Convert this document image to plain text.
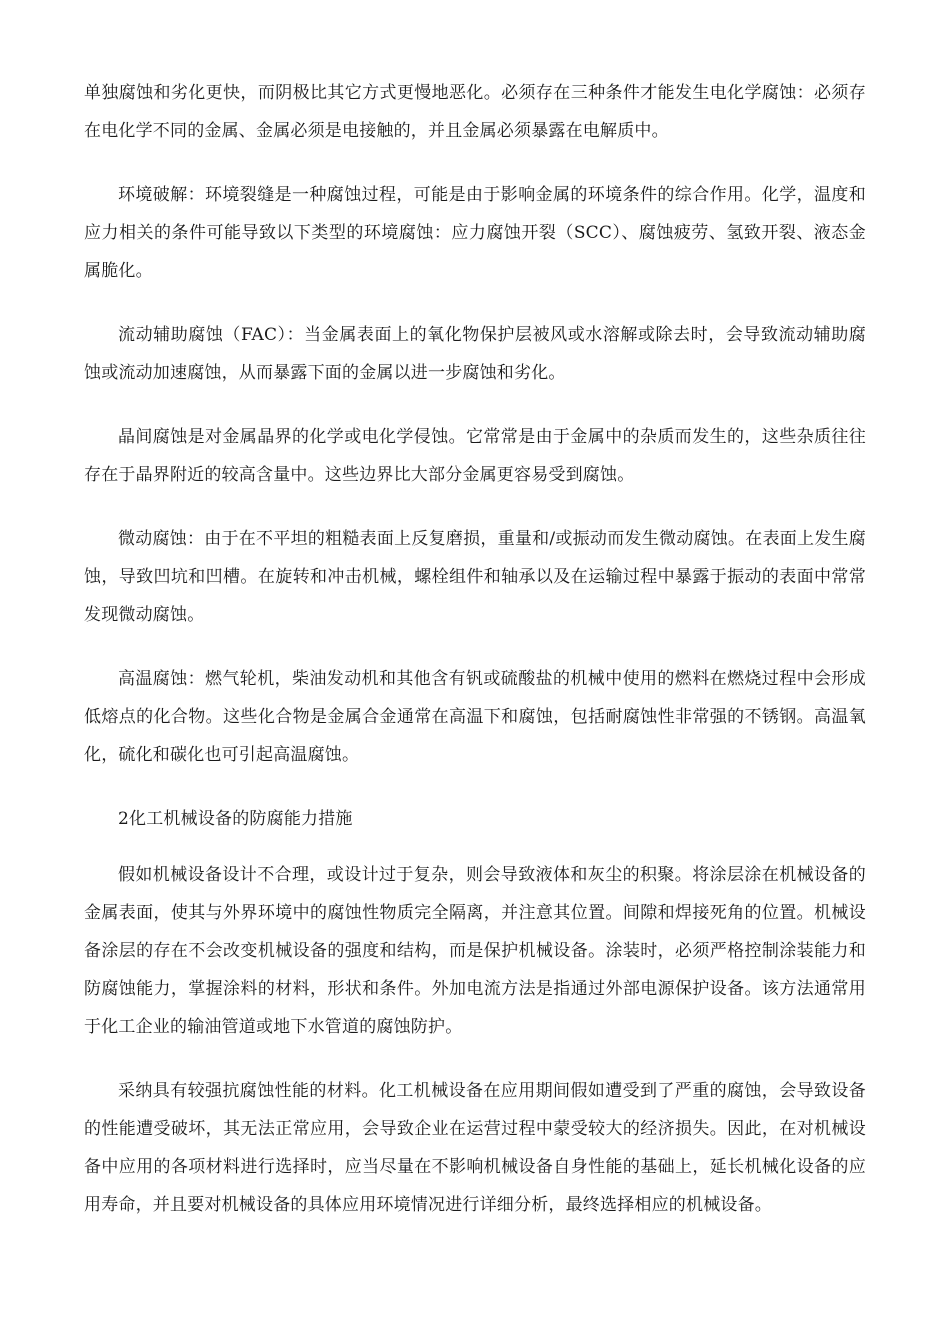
单独腐蚀和劣化更快，而阴极比其它方式更慢地恶化。必须存在三种条件才能发生电化学腐蚀：必须存在电化学不同的金属、金属必须是电接触的，并且金属必须暴露在电解质中。

环境破解：环境裂缝是一种腐蚀过程，可能是由于影响金属的环境条件的综合作用。化学，温度和应力相关的条件可能导致以下类型的环境腐蚀：应力腐蚀开裂（SCC）、腐蚀疲劳、氢致开裂、液态金属脆化。

流动辅助腐蚀（FAC）：当金属表面上的氧化物保护层被风或水溶解或除去时，会导致流动辅助腐蚀或流动加速腐蚀，从而暴露下面的金属以进一步腐蚀和劣化。

晶间腐蚀是对金属晶界的化学或电化学侵蚀。它常常是由于金属中的杂质而发生的，这些杂质往往存在于晶界附近的较高含量中。这些边界比大部分金属更容易受到腐蚀。

微动腐蚀：由于在不平坦的粗糙表面上反复磨损，重量和/或振动而发生微动腐蚀。在表面上发生腐蚀，导致凹坑和凹槽。在旋转和冲击机械，螺栓组件和轴承以及在运输过程中暴露于振动的表面中常常发现微动腐蚀。

高温腐蚀：燃气轮机，柴油发动机和其他含有钒或硫酸盐的机械中使用的燃料在燃烧过程中会形成低熔点的化合物。这些化合物是金属合金通常在高温下和腐蚀，包括耐腐蚀性非常强的不锈钢。高温氧化，硫化和碳化也可引起高温腐蚀。

2化工机械设备的防腐能力措施

假如机械设备设计不合理，或设计过于复杂，则会导致液体和灰尘的积聚。将涂层涂在机械设备的金属表面，使其与外界环境中的腐蚀性物质完全隔离，并注意其位置。间隙和焊接死角的位置。机械设备涂层的存在不会改变机械设备的强度和结构，而是保护机械设备。涂装时，必须严格控制涂装能力和防腐蚀能力，掌握涂料的材料，形状和条件。外加电流方法是指通过外部电源保护设备。该方法通常用于化工企业的输油管道或地下水管道的腐蚀防护。

采纳具有较强抗腐蚀性能的材料。化工机械设备在应用期间假如遭受到了严重的腐蚀，会导致设备的性能遭受破坏，其无法正常应用，会导致企业在运营过程中蒙受较大的经济损失。因此，在对机械设备中应用的各项材料进行选择时，应当尽量在不影响机械设备自身性能的基础上，延长机械化设备的应用寿命，并且要对机械设备的具体应用环境情况进行详细分析，最终选择相应的机械设备。
